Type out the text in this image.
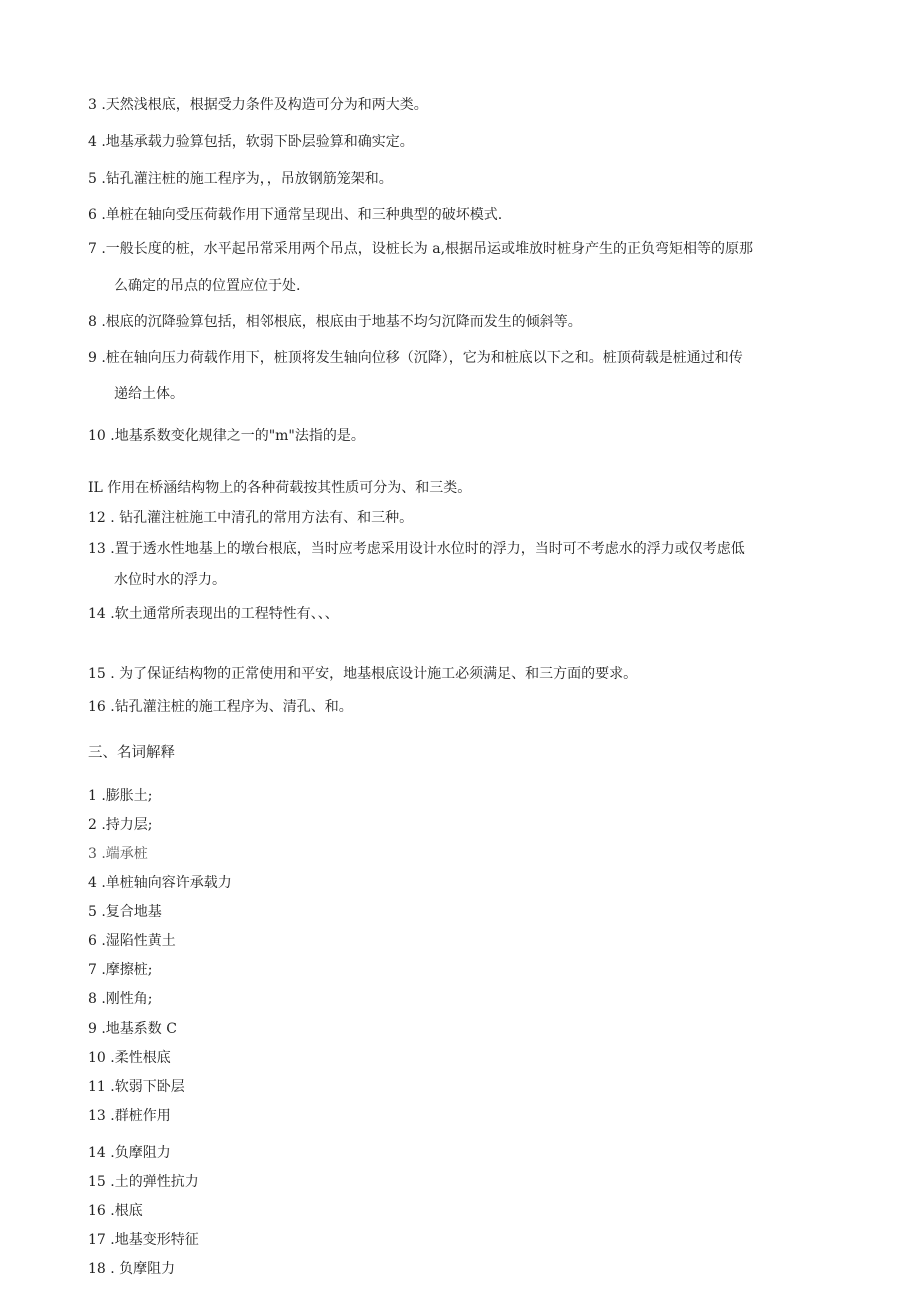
3 .天然浅根底，根据受力条件及构造可分为和两大类。
4 .地基承载力验算包括，软弱下卧层验算和确实定。
5 .钻孔灌注桩的施工程序为，，吊放钢筋笼架和。
6 .单桩在轴向受压荷载作用下通常呈现出、和三种典型的破坏模式.
7 .一般长度的桩，水平起吊常采用两个吊点，设桩长为 a,根据吊运或堆放时桩身产生的正负弯矩相等的原那
么确定的吊点的位置应位于处.
8 .根底的沉降验算包括，相邻根底，根底由于地基不均匀沉降而发生的倾斜等。
9 .桩在轴向压力荷载作用下，桩顶将发生轴向位移（沉降），它为和桩底以下之和。桩顶荷载是桩通过和传
递给土体。
10 .地基系数变化规律之一的"m"法指的是。
IL 作用在桥涵结构物上的各种荷载按其性质可分为、和三类。
12 . 钻孔灌注桩施工中清孔的常用方法有、和三种。
13 .置于透水性地基上的墩台根底，当时应考虑采用设计水位时的浮力，当时可不考虑水的浮力或仅考虑低
水位时水的浮力。
14 .软土通常所表现出的工程特性有、、、
15 . 为了保证结构物的正常使用和平安，地基根底设计施工必须满足、和三方面的要求。
16 .钻孔灌注桩的施工程序为、清孔、和。
三、名词解释
1 .膨胀土;
2 .持力层;
3 .端承桩
4 .单桩轴向容许承载力
5 .复合地基
6 .湿陷性黄土
7 .摩擦桩;
8 .刚性角;
9 .地基系数 C
10 .柔性根底
11 .软弱下卧层
13 .群桩作用
14 .负摩阻力
15 .土的弹性抗力
16 .根底
17 .地基变形特征
18 . 负摩阻力
